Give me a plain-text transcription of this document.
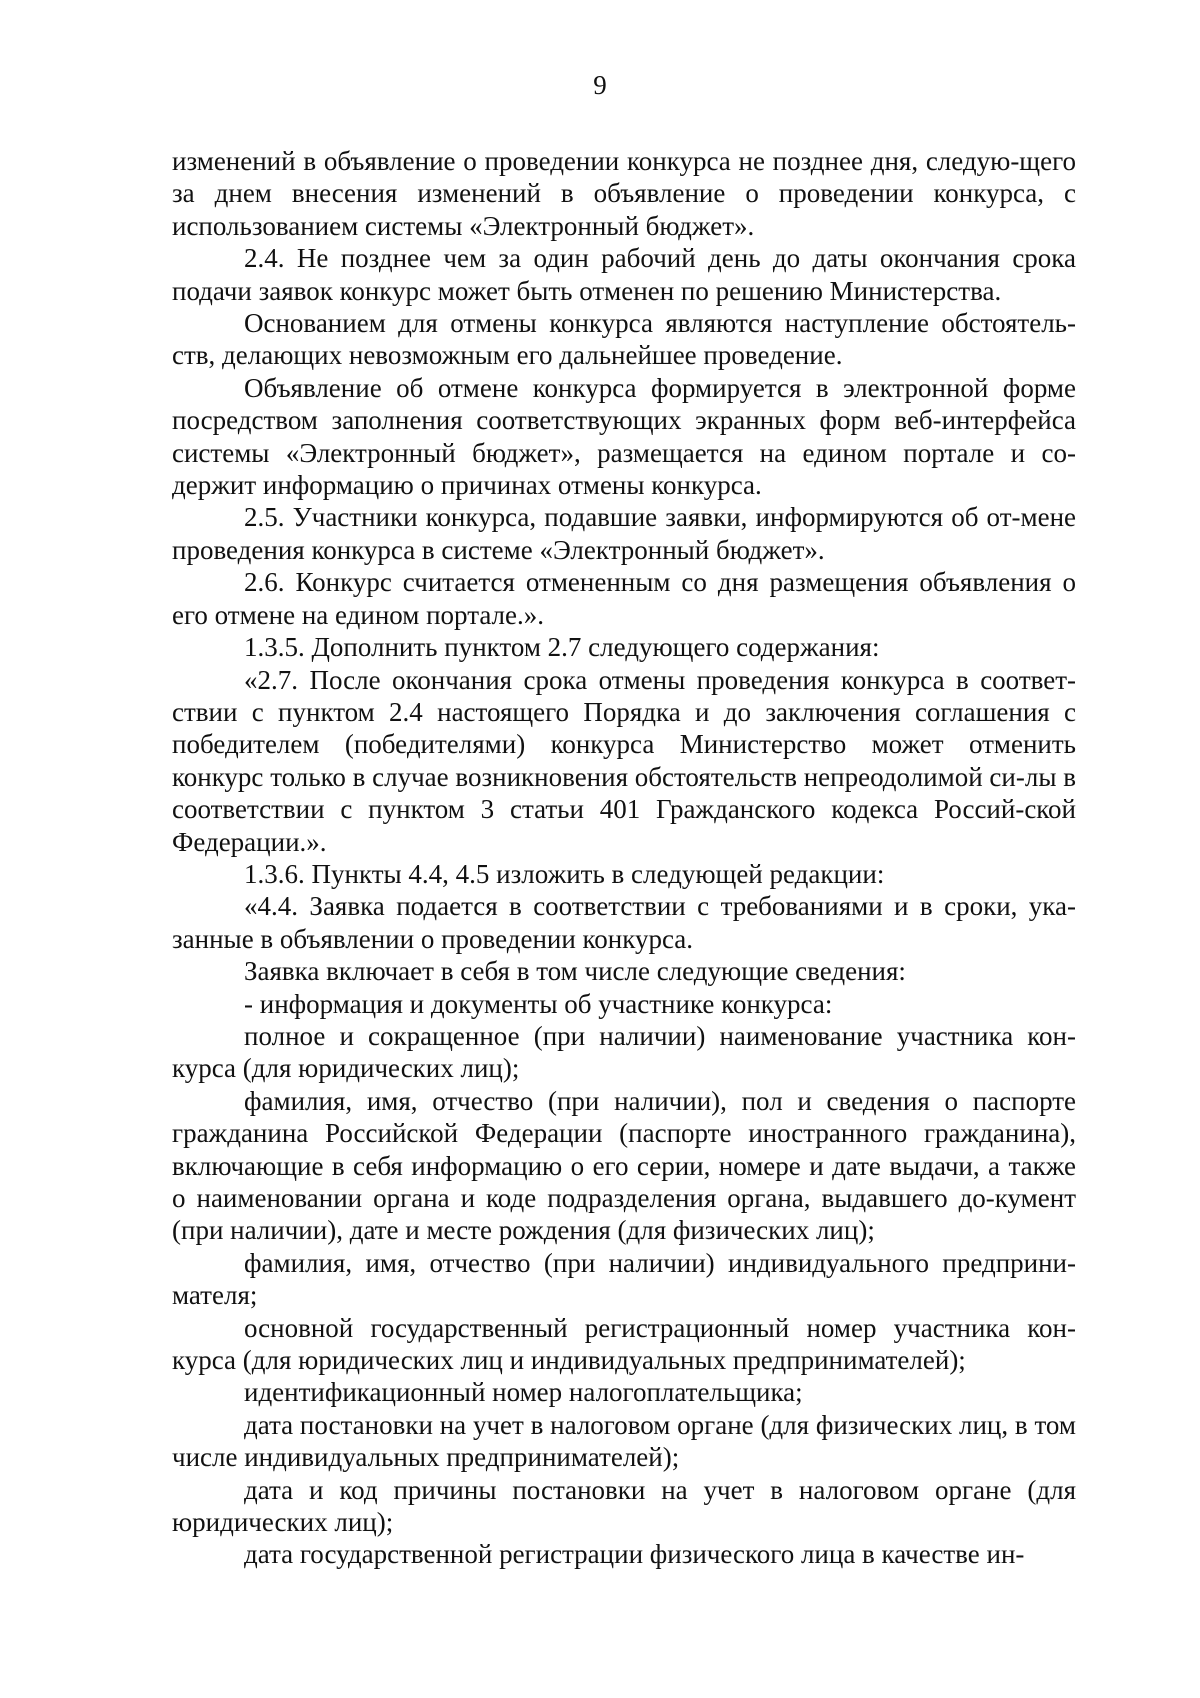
9

изменений в объявление о проведении конкурса не позднее дня, следую-щего за днем внесения изменений в объявление о проведении конкурса, с использованием системы «Электронный бюджет».

2.4. Не позднее чем за один рабочий день до даты окончания срока подачи заявок конкурс может быть отменен по решению Министерства.

Основанием для отмены конкурса являются наступление обстоятель-ств, делающих невозможным его дальнейшее проведение.

Объявление об отмене конкурса формируется в электронной форме посредством заполнения соответствующих экранных форм веб-интерфейса системы «Электронный бюджет», размещается на едином портале и со-держит информацию о причинах отмены конкурса.

2.5. Участники конкурса, подавшие заявки, информируются об от-мене проведения конкурса в системе «Электронный бюджет».

2.6. Конкурс считается отмененным со дня размещения объявления о его отмене на едином портале.».

1.3.5. Дополнить пунктом 2.7 следующего содержания:

«2.7. После окончания срока отмены проведения конкурса в соответ-ствии с пунктом 2.4 настоящего Порядка и до заключения соглашения с победителем (победителями) конкурса Министерство может отменить конкурс только в случае возникновения обстоятельств непреодолимой си-лы в соответствии с пунктом 3 статьи 401 Гражданского кодекса Россий-ской Федерации.».

1.3.6. Пункты 4.4, 4.5 изложить в следующей редакции:

«4.4. Заявка подается в соответствии с требованиями и в сроки, ука-занные в объявлении о проведении конкурса.

Заявка включает в себя в том числе следующие сведения:

- информация и документы об участнике конкурса:

полное и сокращенное (при наличии) наименование участника кон-курса (для юридических лиц);

фамилия, имя, отчество (при наличии), пол и сведения о паспорте гражданина Российской Федерации (паспорте иностранного гражданина), включающие в себя информацию о его серии, номере и дате выдачи, а также о наименовании органа и коде подразделения органа, выдавшего до-кумент (при наличии), дате и месте рождения (для физических лиц);

фамилия, имя, отчество (при наличии) индивидуального предприни-мателя;

основной государственный регистрационный номер участника кон-курса (для юридических лиц и индивидуальных предпринимателей);

идентификационный номер налогоплательщика;

дата постановки на учет в налоговом органе (для физических лиц, в том числе индивидуальных предпринимателей);

дата и код причины постановки на учет в налоговом органе (для юридических лиц);

дата государственной регистрации физического лица в качестве ин-
